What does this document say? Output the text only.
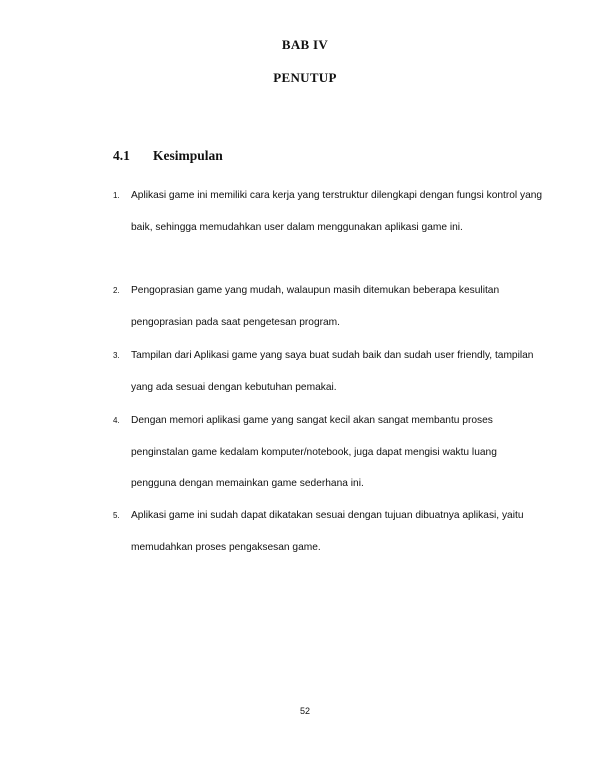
BAB IV
PENUTUP
4.1 Kesimpulan
1.	Aplikasi game ini memiliki cara kerja yang terstruktur dilengkapi dengan fungsi kontrol yang baik, sehingga memudahkan user dalam menggunakan aplikasi game ini.
2.	Pengoprasian game yang mudah, walaupun masih ditemukan beberapa kesulitan pengoprasian pada saat pengetesan program.
3.	Tampilan dari Aplikasi game yang saya buat sudah baik dan sudah user friendly, tampilan yang ada sesuai dengan kebutuhan pemakai.
4.	Dengan memori aplikasi game yang sangat kecil akan sangat membantu proses penginstalan game kedalam komputer/notebook, juga dapat mengisi waktu luang pengguna dengan memainkan game sederhana ini.
5.	Aplikasi game ini sudah dapat dikatakan sesuai dengan tujuan dibuatnya aplikasi, yaitu memudahkan proses pengaksesan game.
52
